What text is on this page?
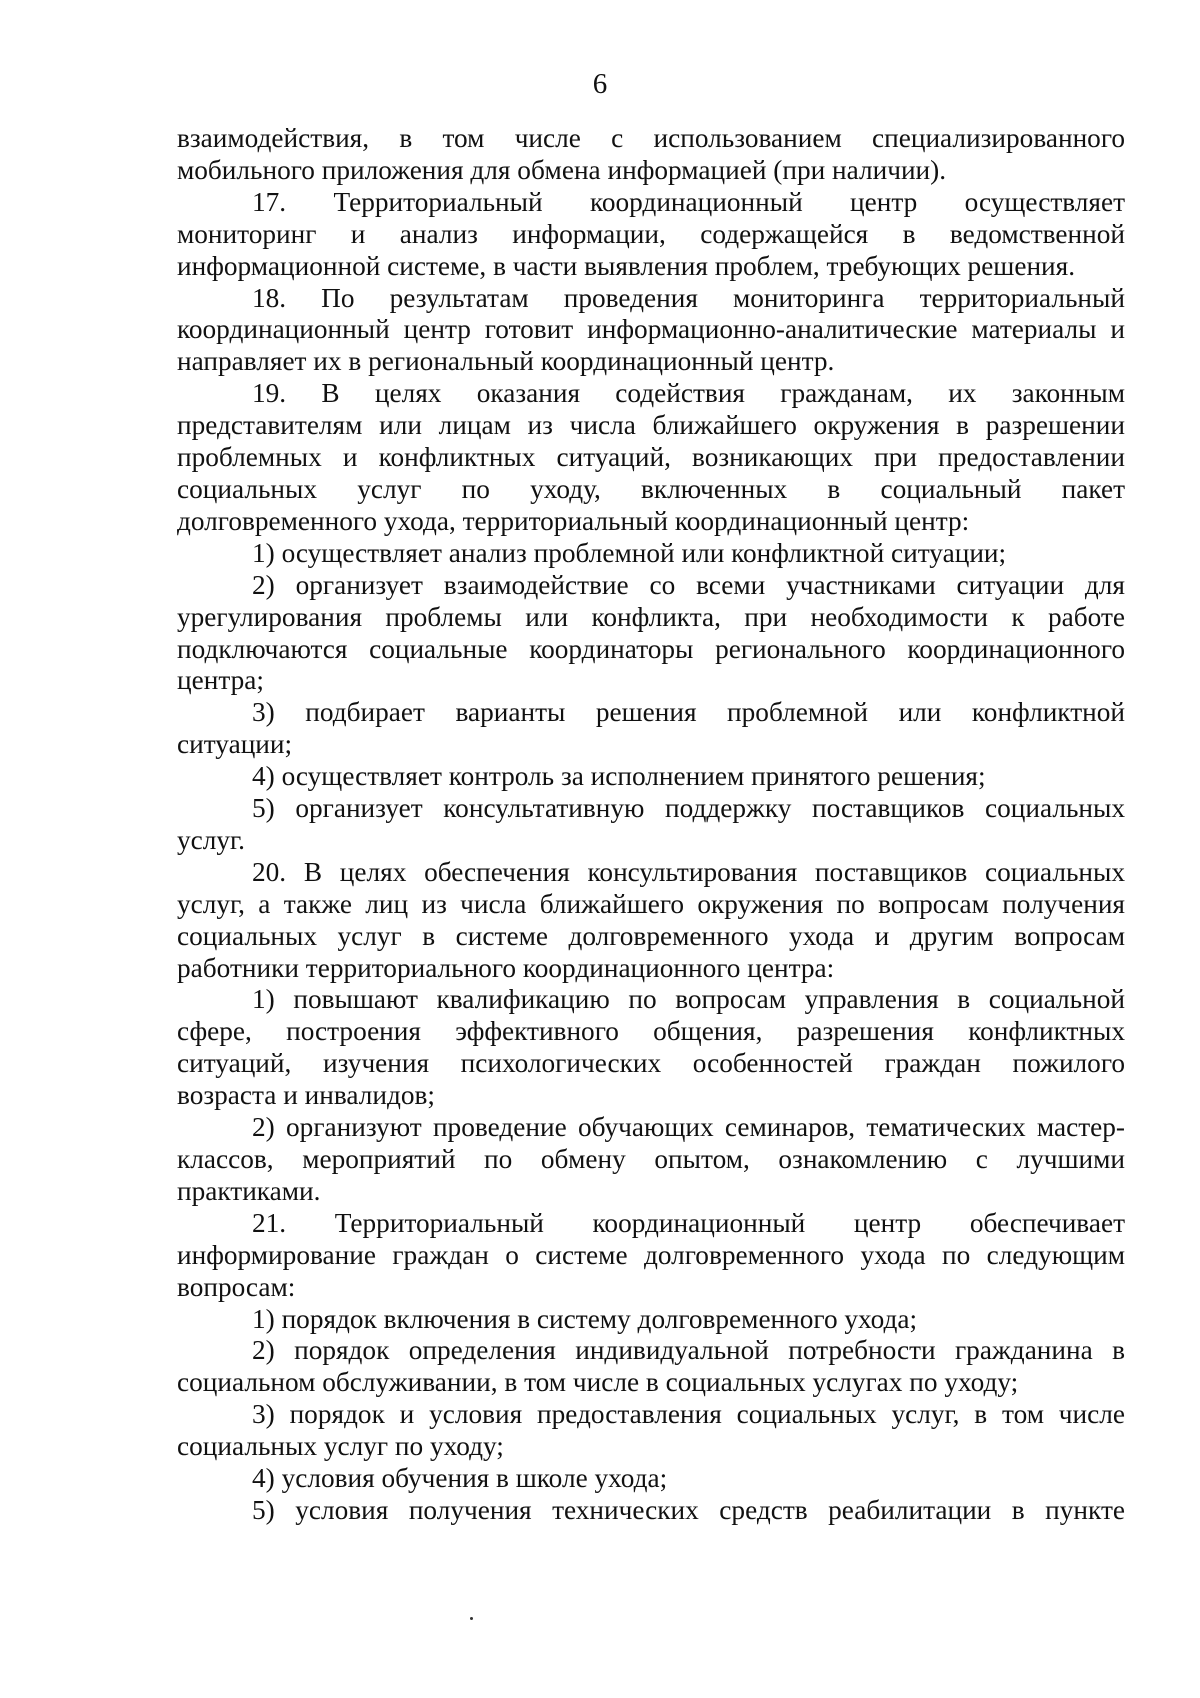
6
взаимодействия, в том числе с использованием специализированного
мобильного приложения для обмена информацией (при наличии).
17. Территориальный координационный центр осуществляет
мониторинг и анализ информации, содержащейся в ведомственной
информационной системе, в части выявления проблем, требующих решения.
18. По результатам проведения мониторинга территориальный
координационный центр готовит информационно-аналитические материалы и
направляет их в региональный координационный центр.
19. В целях оказания содействия гражданам, их законным
представителям или лицам из числа ближайшего окружения в разрешении
проблемных и конфликтных ситуаций, возникающих при предоставлении
социальных услуг по уходу, включенных в социальный пакет
долговременного ухода, территориальный координационный центр:
1) осуществляет анализ проблемной или конфликтной ситуации;
2) организует взаимодействие со всеми участниками ситуации для
урегулирования проблемы или конфликта, при необходимости к работе
подключаются социальные координаторы регионального координационного
центра;
3) подбирает варианты решения проблемной или конфликтной
ситуации;
4) осуществляет контроль за исполнением принятого решения;
5) организует консультативную поддержку поставщиков социальных
услуг.
20. В целях обеспечения консультирования поставщиков социальных
услуг, а также лиц из числа ближайшего окружения по вопросам получения
социальных услуг в системе долговременного ухода и другим вопросам
работники территориального координационного центра:
1) повышают квалификацию по вопросам управления в социальной
сфере, построения эффективного общения, разрешения конфликтных
ситуаций, изучения психологических особенностей граждан пожилого
возраста и инвалидов;
2) организуют проведение обучающих семинаров, тематических мастер-
классов, мероприятий по обмену опытом, ознакомлению с лучшими
практиками.
21. Территориальный координационный центр обеспечивает
информирование граждан о системе долговременного ухода по следующим
вопросам:
1) порядок включения в систему долговременного ухода;
2) порядок определения индивидуальной потребности гражданина в
социальном обслуживании, в том числе в социальных услугах по уходу;
3) порядок и условия предоставления социальных услуг, в том числе
социальных услуг по уходу;
4) условия обучения в школе ухода;
5) условия получения технических средств реабилитации в пункте
